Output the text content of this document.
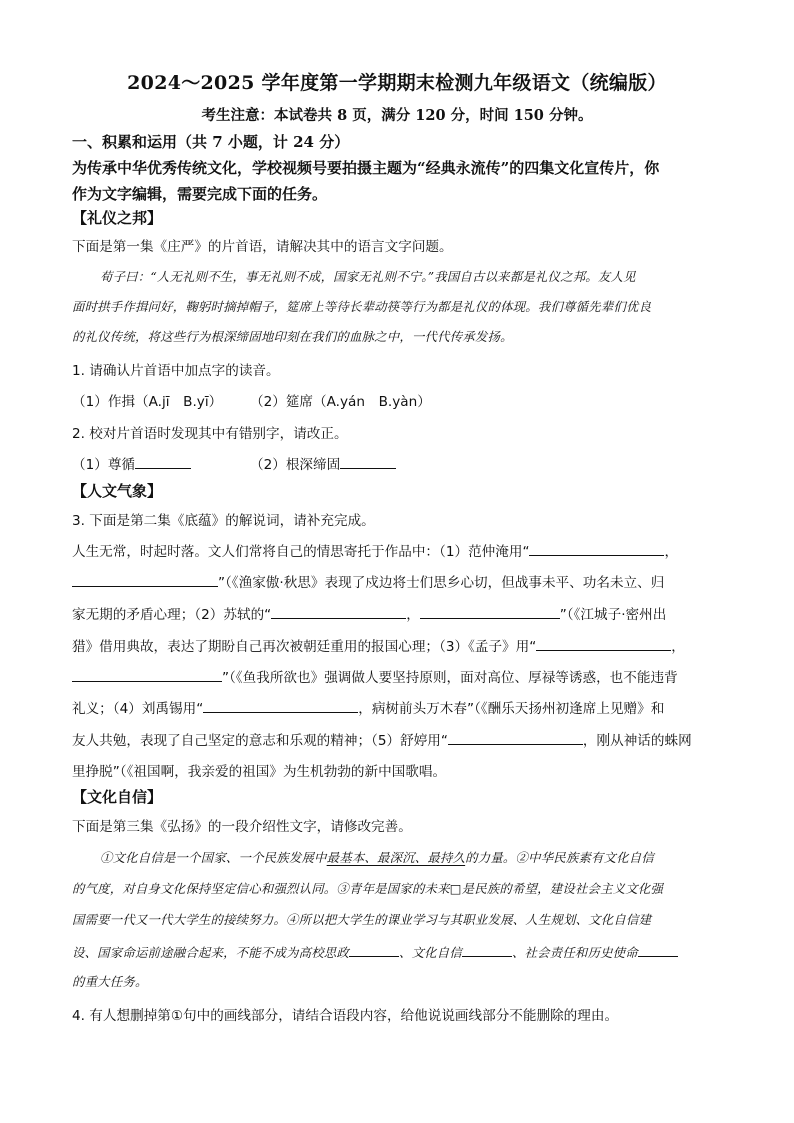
2024～2025 学年度第一学期期末检测九年级语文（统编版）
考生注意：本试卷共 8 页，满分 120 分，时间 150 分钟。
一、积累和运用（共 7 小题，计 24 分）
为传承中华优秀传统文化，学校视频号要拍摄主题为“经典永流传”的四集文化宣传片，你
作为文字编辑，需要完成下面的任务。
【礼仪之邦】
下面是第一集《庄严》的片首语，请解决其中的语言文字问题。
荀子曰：“人无礼则不生，事无礼则不成，国家无礼则不宁。”我国自古以来都是礼仪之邦。友人见
面时拱手作揖问好，鞠躬时摘掉帽子，筵席上等待长辈动筷等行为都是礼仪的体现。我们尊循先辈们优良
的礼仪传统，将这些行为根深缔固地印刻在我们的血脉之中，一代代传承发扬。
1. 请确认片首语中加点字的读音。
（1）作揖（A.jī　B.yī） （2）筵席（A.yán　B.yàn）
2. 校对片首语时发现其中有错别字，请改正。
（1）尊循	（2）根深缔固
【人文气象】
3. 下面是第二集《底蕴》的解说词，请补充完成。
人生无常，时起时落。文人们常将自己的情思寄托于作品中：（1）范仲淹用“	，
”（《渔家傲·秋思》表现了戍边将士们思乡心切，但战事未平、功名未立、归
家无期的矛盾心理；（2）苏轼的“	，	”（《江城子·密州出
猎》借用典故，表达了期盼自己再次被朝廷重用的报国心理；（3）《孟子》用“	，
”（《鱼我所欲也》强调做人要坚持原则，面对高位、厚禄等诱惑，也不能违背
礼义；（4）刘禹锡用“	，病树前头万木春”（《酬乐天扬州初逢席上见赠》和
友人共勉，表现了自己坚定的意志和乐观的精神；（5）舒婷用“	，刚从神话的蛛网
里挣脱”（《祖国啊，我亲爱的祖国》为生机勃勃的新中国歌唱。
【文化自信】
下面是第三集《弘扬》的一段介绍性文字，请修改完善。
①文化自信是一个国家、一个民族发展中最基本、最深沉、最持久的力量。②中华民族素有文化自信
的气度，对自身文化保持坚定信心和强烈认同。③青年是国家的未来□是民族的希望，建设社会主义文化强
国需要一代又一代大学生的接续努力。④所以把大学生的课业学习与其职业发展、人生规划、文化自信建
设、国家命运前途融合起来，不能不成为高校思政	、文化自信	、社会责任和历史使命
的重大任务。
4. 有人想删掉第①句中的画线部分，请结合语段内容，给他说说画线部分不能删除的理由。
